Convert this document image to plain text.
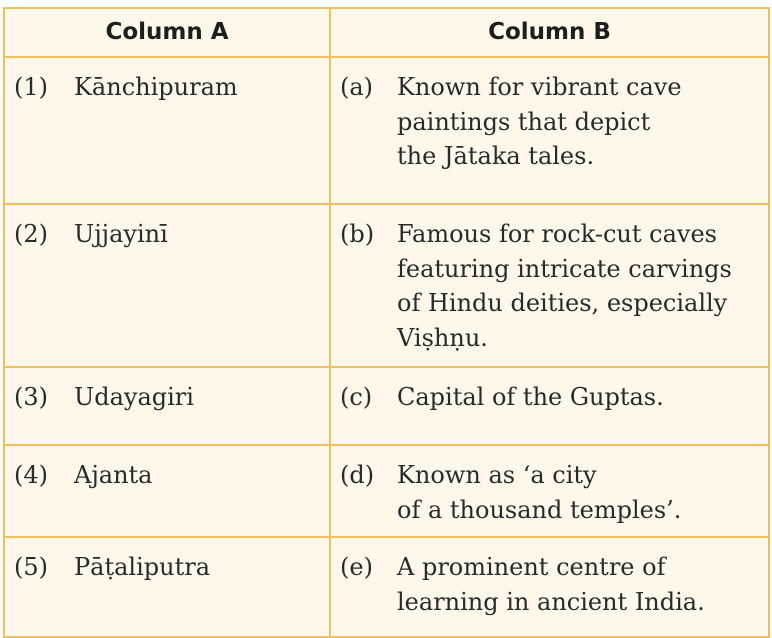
Column A	Column B

(1) Kānchipuram	(a) Known for vibrant cave
paintings that depict
the Jātaka tales.

(2) Ujjayinī	(b) Famous for rock-cut caves
featuring intricate carvings
of Hindu deities, especially
Viṣhṇu.

(3) Udayagiri	(c) Capital of the Guptas.

(4) Ajanta	(d) Known as ‘a city
of a thousand temples’.

(5) Pāṭaliputra	(e) A prominent centre of
learning in ancient India.
